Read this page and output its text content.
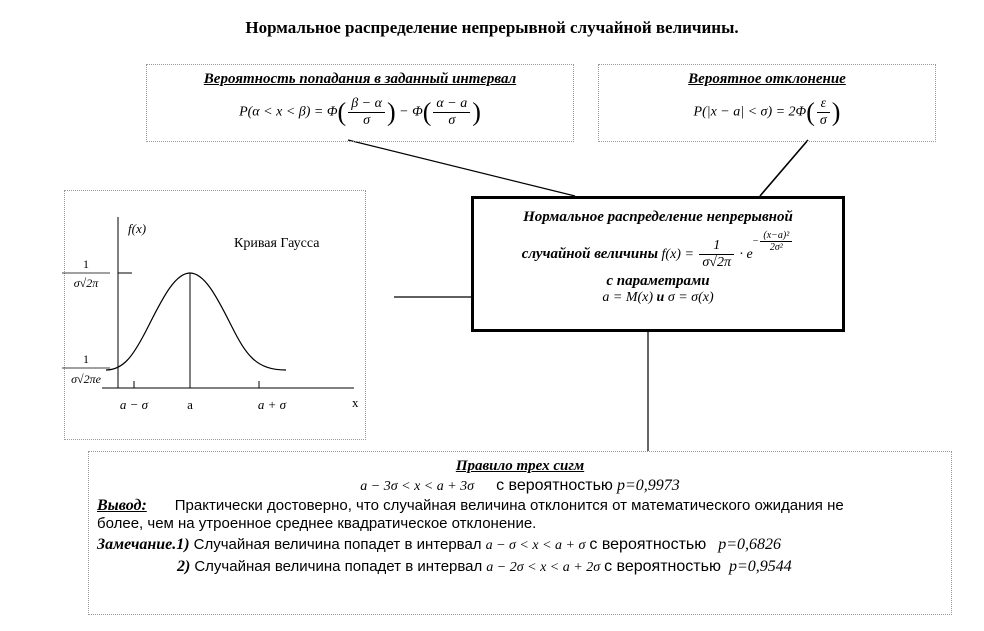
Нормальное распределение непрерывной случайной величины.
Вероятность попадания в заданный интервал
$P(\alpha < x < \beta) = \Phi( \frac{\beta - \alpha}{\sigma}$ ) − $\Phi( \frac{\alpha - a}{\sigma}$ )
Вероятное отклонение
$P(|x - a| < \sigma) = 2\Phi( \frac{\varepsilon}{\sigma}$ )
f(x)
Кривая Гаусса
x
1
σ√2π
1
σ√2πe
a − σ	a	a + σ
Нормальное распределение непрерывной
случайной величины $f(x) = \frac{1}{\sigma√2\pi} \cdot e^{- \frac{\text{(x−a)²}}{\text{2σ²}}}$
с параметрами
a = M(x) и σ = σ(x)
Правило трех сигм
a − 3σ < x < a + 3σ с вероятностью p=0,9973
Вывод: Практически достоверно, что случайная величина отклонится от математического ожидания не
более, чем на утроенное среднее квадратическое отклонение.
Замечание.1) Случайная величина попадет в интервал a − σ < x < a + σ с вероятностью p=0,6826
2) Случайная величина попадет в интервал a − 2σ < x < a + 2σ с вероятностью p=0,9544
